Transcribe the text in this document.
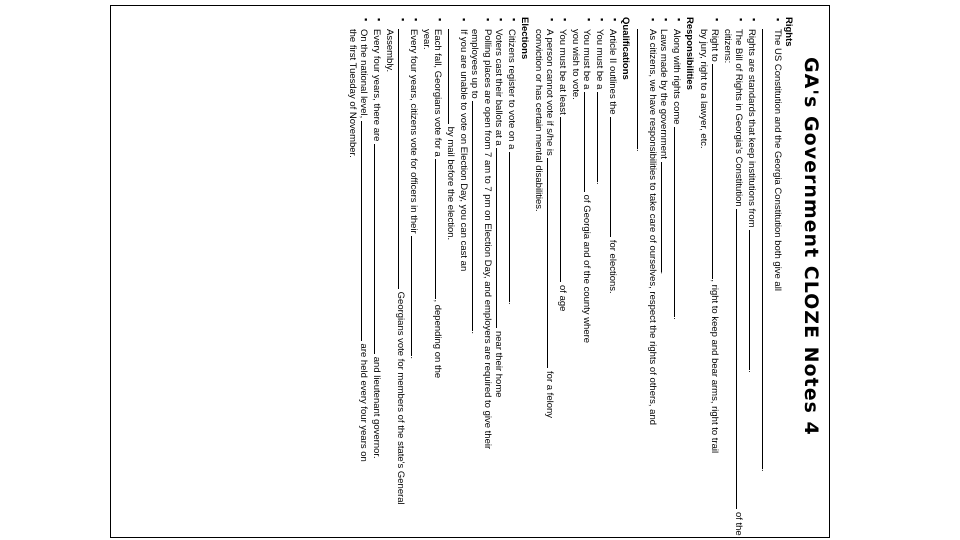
GA's Government CLOZE Notes 4
Rights
▪ The US Constitution and the Georgia Constitution both give all
.
▪ Rights are standards that keep institutions from .
▪ The Bill of Rights in Georgia's Constitution  of the
citizens:
▪ Right to , right to keep and bear arms, right to trail
by jury, right to a lawyer, etc.
Responsibilities
▪ Along with rights come .
▪ Laws made by the government .
▪ As citizens, we have responsibilities to take care of ourselves, respect the rights of others, and
.
Qualifications
▪ Article II outlines the  for elections.
▪ You must be a .
▪ You must be a  of Georgia and of the county where
you wish to vote.
▪ You must be at least  of age
▪ A person cannot vote if s/he is  for a felony
conviction or has certain mental disabilities.
Elections
▪ Citizens register to vote on a .
▪ Voters cast their ballots at a  near their home
▪ Polling places are open from 7 am to 7 pm on Election Day, and employers are required to give their
employees up to .
▪ If you are unable to vote on Election Day, you can cast an
by mail before the election.
▪ Each fall, Georgians vote for a , depending on the
year.
▪ Every four years, citizens vote for officers in their .
▪ Georgians vote for members of the state's General
Assembly.
▪ Every four years, there are  and lieutenant governor.
▪ On the national level,  are held every four years on
the first Tuesday of November.
